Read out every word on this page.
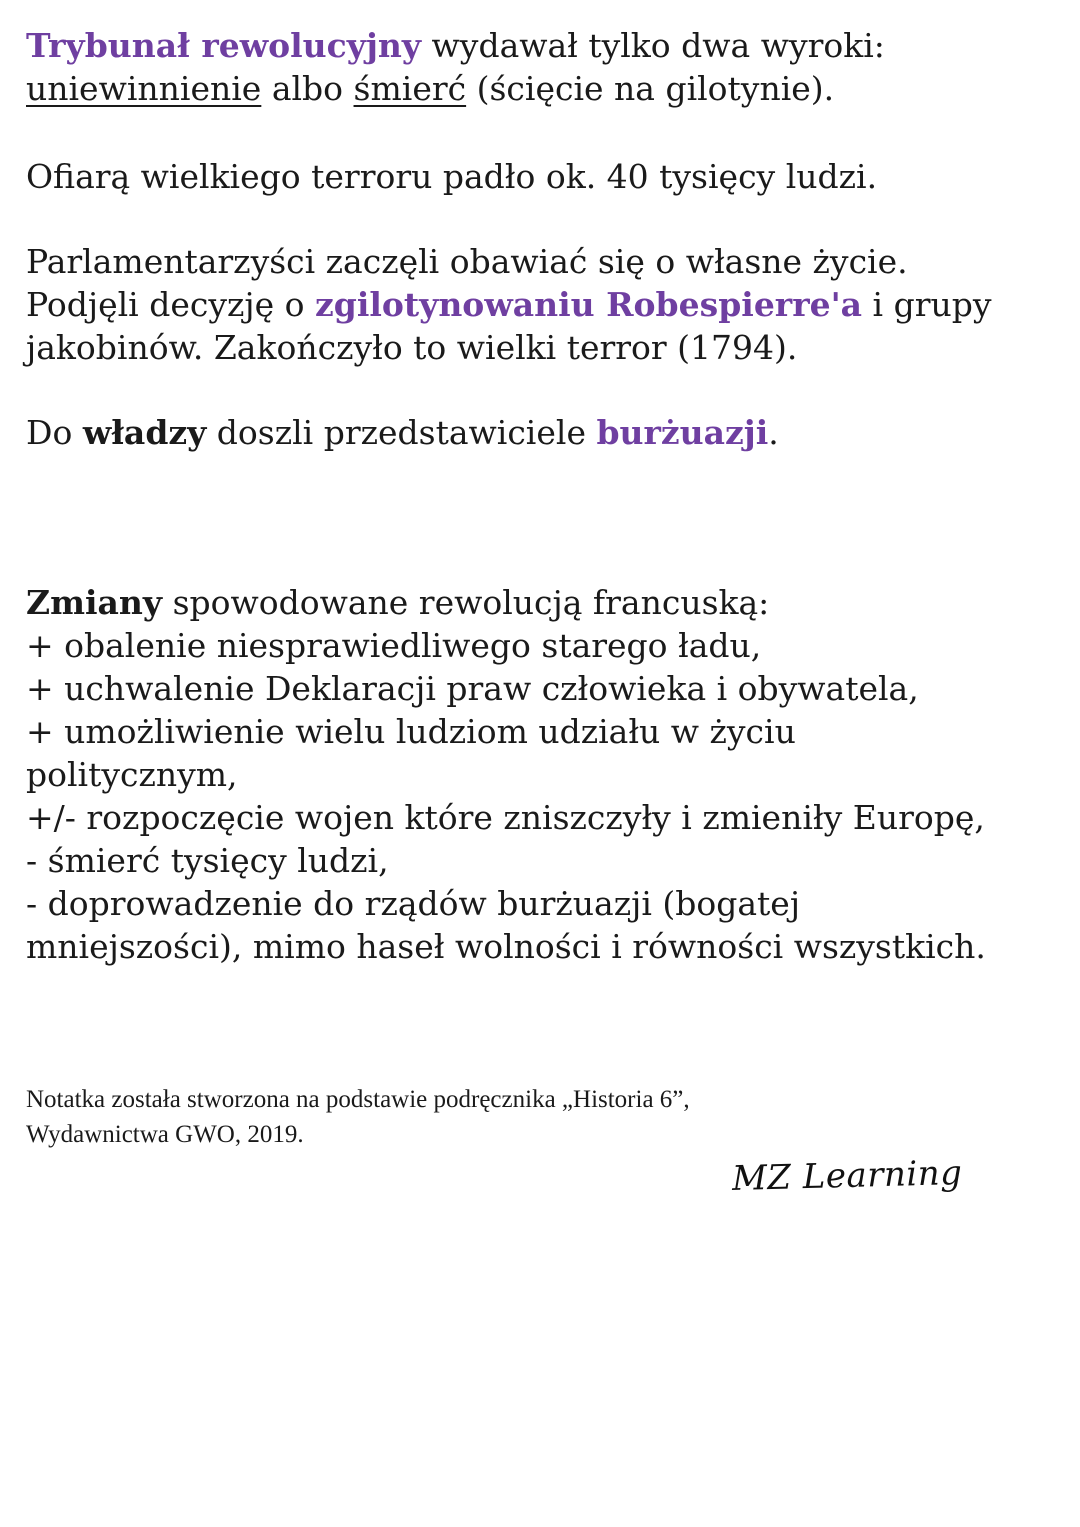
Trybunał rewolucyjny wydawał tylko dwa wyroki:
uniewinnienie albo śmierć (ścięcie na gilotynie).

Ofiarą wielkiego terroru padło ok. 40 tysięcy ludzi.

Parlamentarzyści zaczęli obawiać się o własne życie.
Podjęli decyzję o zgilotynowaniu Robespierre'a i grupy
jakobinów. Zakończyło to wielki terror (1794).

Do władzy doszli przedstawiciele burżuazji.

Zmiany spowodowane rewolucją francuską:
+ obalenie niesprawiedliwego starego ładu,
+ uchwalenie Deklaracji praw człowieka i obywatela,
+ umożliwienie wielu ludziom udziału w życiu
politycznym,
+/- rozpoczęcie wojen które zniszczyły i zmieniły Europę,
- śmierć tysięcy ludzi,
- doprowadzenie do rządów burżuazji (bogatej
mniejszości), mimo haseł wolności i równości wszystkich.

Notatka została stworzona na podstawie podręcznika „Historia 6”,
Wydawnictwa GWO, 2019.

MZ Learning
